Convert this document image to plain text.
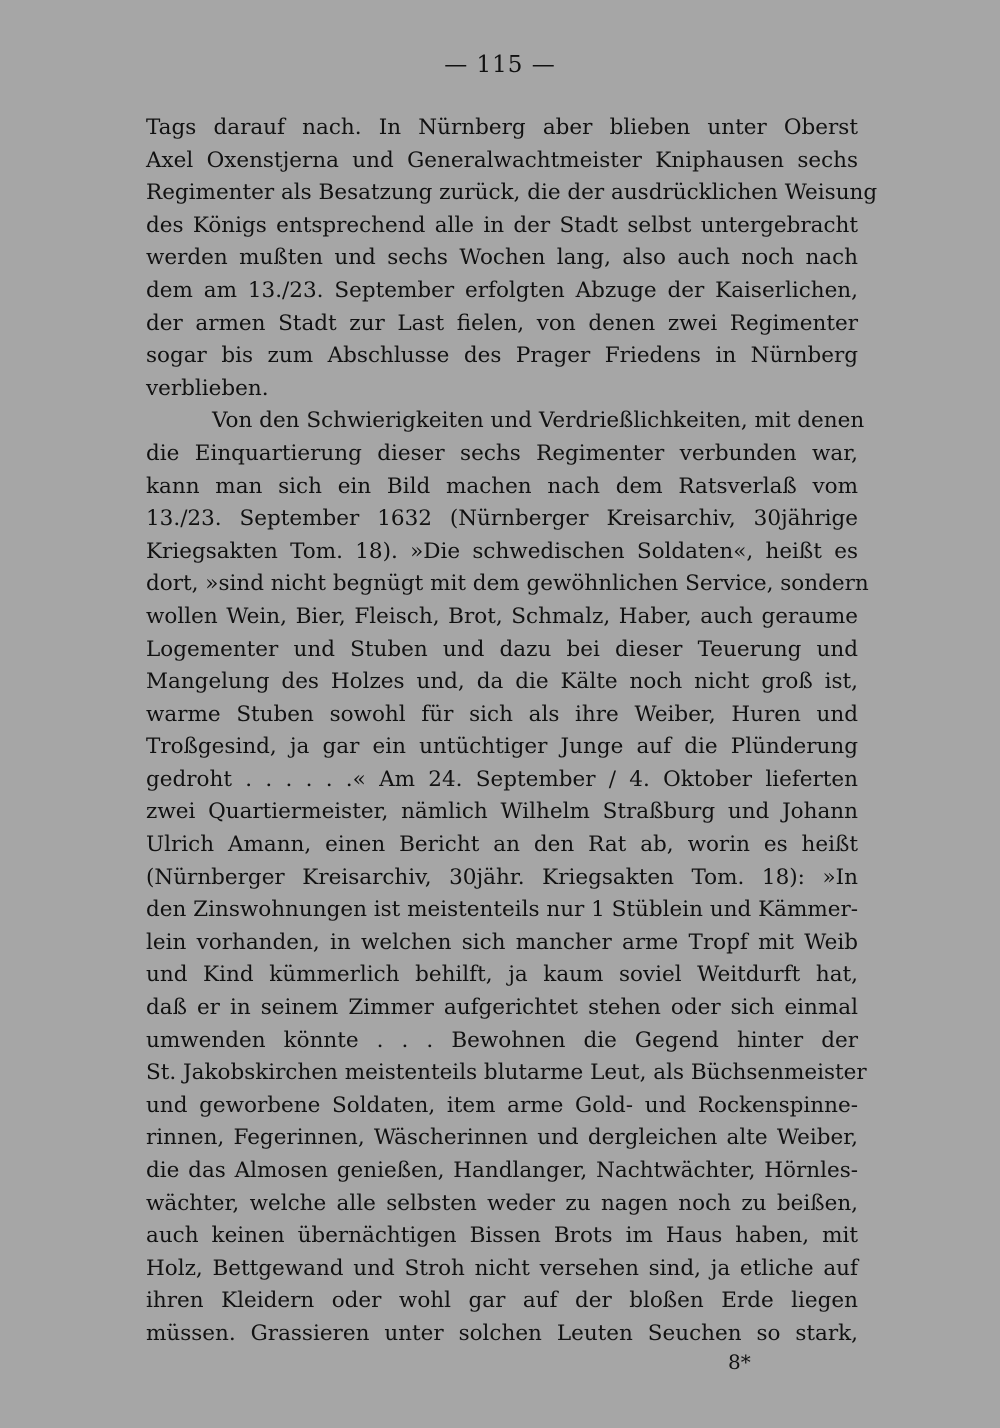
— 115 —
Tags darauf nach. In Nürnberg aber blieben unter Oberst
Axel Oxenstjerna und Generalwachtmeister Kniphausen sechs
Regimenter als Besatzung zurück, die der ausdrücklichen Weisung
des Königs entsprechend alle in der Stadt selbst untergebracht
werden mußten und sechs Wochen lang, also auch noch nach
dem am 13./23. September erfolgten Abzuge der Kaiserlichen,
der armen Stadt zur Last fielen, von denen zwei Regimenter
sogar bis zum Abschlusse des Prager Friedens in Nürnberg
verblieben.
Von den Schwierigkeiten und Verdrießlichkeiten, mit denen
die Einquartierung dieser sechs Regimenter verbunden war,
kann man sich ein Bild machen nach dem Ratsverlaß vom
13./23. September 1632 (Nürnberger Kreisarchiv, 30jährige
Kriegsakten Tom. 18). »Die schwedischen Soldaten«, heißt es
dort, »sind nicht begnügt mit dem gewöhnlichen Service, sondern
wollen Wein, Bier, Fleisch, Brot, Schmalz, Haber, auch geraume
Logementer und Stuben und dazu bei dieser Teuerung und
Mangelung des Holzes und, da die Kälte noch nicht groß ist,
warme Stuben sowohl für sich als ihre Weiber, Huren und
Troßgesind, ja gar ein untüchtiger Junge auf die Plünderung
gedroht . . . . . .« Am 24. September / 4. Oktober lieferten
zwei Quartiermeister, nämlich Wilhelm Straßburg und Johann
Ulrich Amann, einen Bericht an den Rat ab, worin es heißt
(Nürnberger Kreisarchiv, 30jähr. Kriegsakten Tom. 18): »In
den Zinswohnungen ist meistenteils nur 1 Stüblein und Kämmer-
lein vorhanden, in welchen sich mancher arme Tropf mit Weib
und Kind kümmerlich behilft, ja kaum soviel Weitdurft hat,
daß er in seinem Zimmer aufgerichtet stehen oder sich einmal
umwenden könnte . . . Bewohnen die Gegend hinter der
St. Jakobskirchen meistenteils blutarme Leut, als Büchsenmeister
und geworbene Soldaten, item arme Gold- und Rockenspinne-
rinnen, Fegerinnen, Wäscherinnen und dergleichen alte Weiber,
die das Almosen genießen, Handlanger, Nachtwächter, Hörnles-
wächter, welche alle selbsten weder zu nagen noch zu beißen,
auch keinen übernächtigen Bissen Brots im Haus haben, mit
Holz, Bettgewand und Stroh nicht versehen sind, ja etliche auf
ihren Kleidern oder wohl gar auf der bloßen Erde liegen
müssen. Grassieren unter solchen Leuten Seuchen so stark,
8*
